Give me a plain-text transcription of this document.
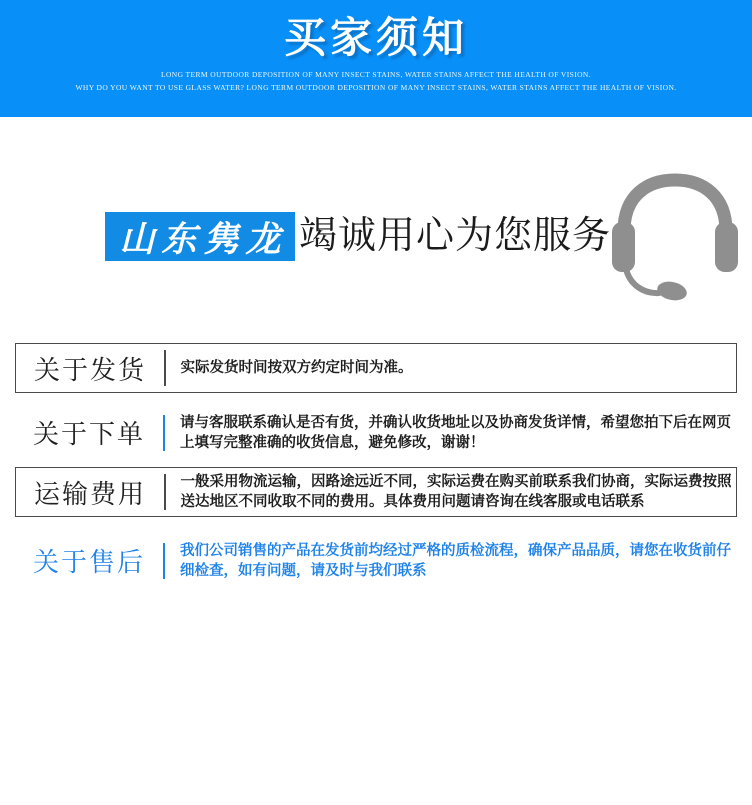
买家须知
LONG TERM OUTDOOR DEPOSITION OF MANY INSECT STAINS, WATER STAINS AFFECT THE HEALTH OF VISION.
WHY DO YOU WANT TO USE GLASS WATER? LONG TERM OUTDOOR DEPOSITION OF MANY INSECT STAINS, WATER STAINS AFFECT THE HEALTH OF VISION.
山东隽龙 竭诚用心为您服务
关于发货	实际发货时间按双方约定时间为准。
关于下单	请与客服联系确认是否有货，并确认收货地址以及协商发货详情，希望您拍下后在网页上填写完整准确的收货信息，避免修改，谢谢！
运输费用	一般采用物流运输，因路途远近不同，实际运费在购买前联系我们协商，实际运费按照送达地区不同收取不同的费用。具体费用问题请咨询在线客服或电话联系
关于售后	我们公司销售的产品在发货前均经过严格的质检流程，确保产品品质，请您在收货前仔细检查，如有问题，请及时与我们联系
